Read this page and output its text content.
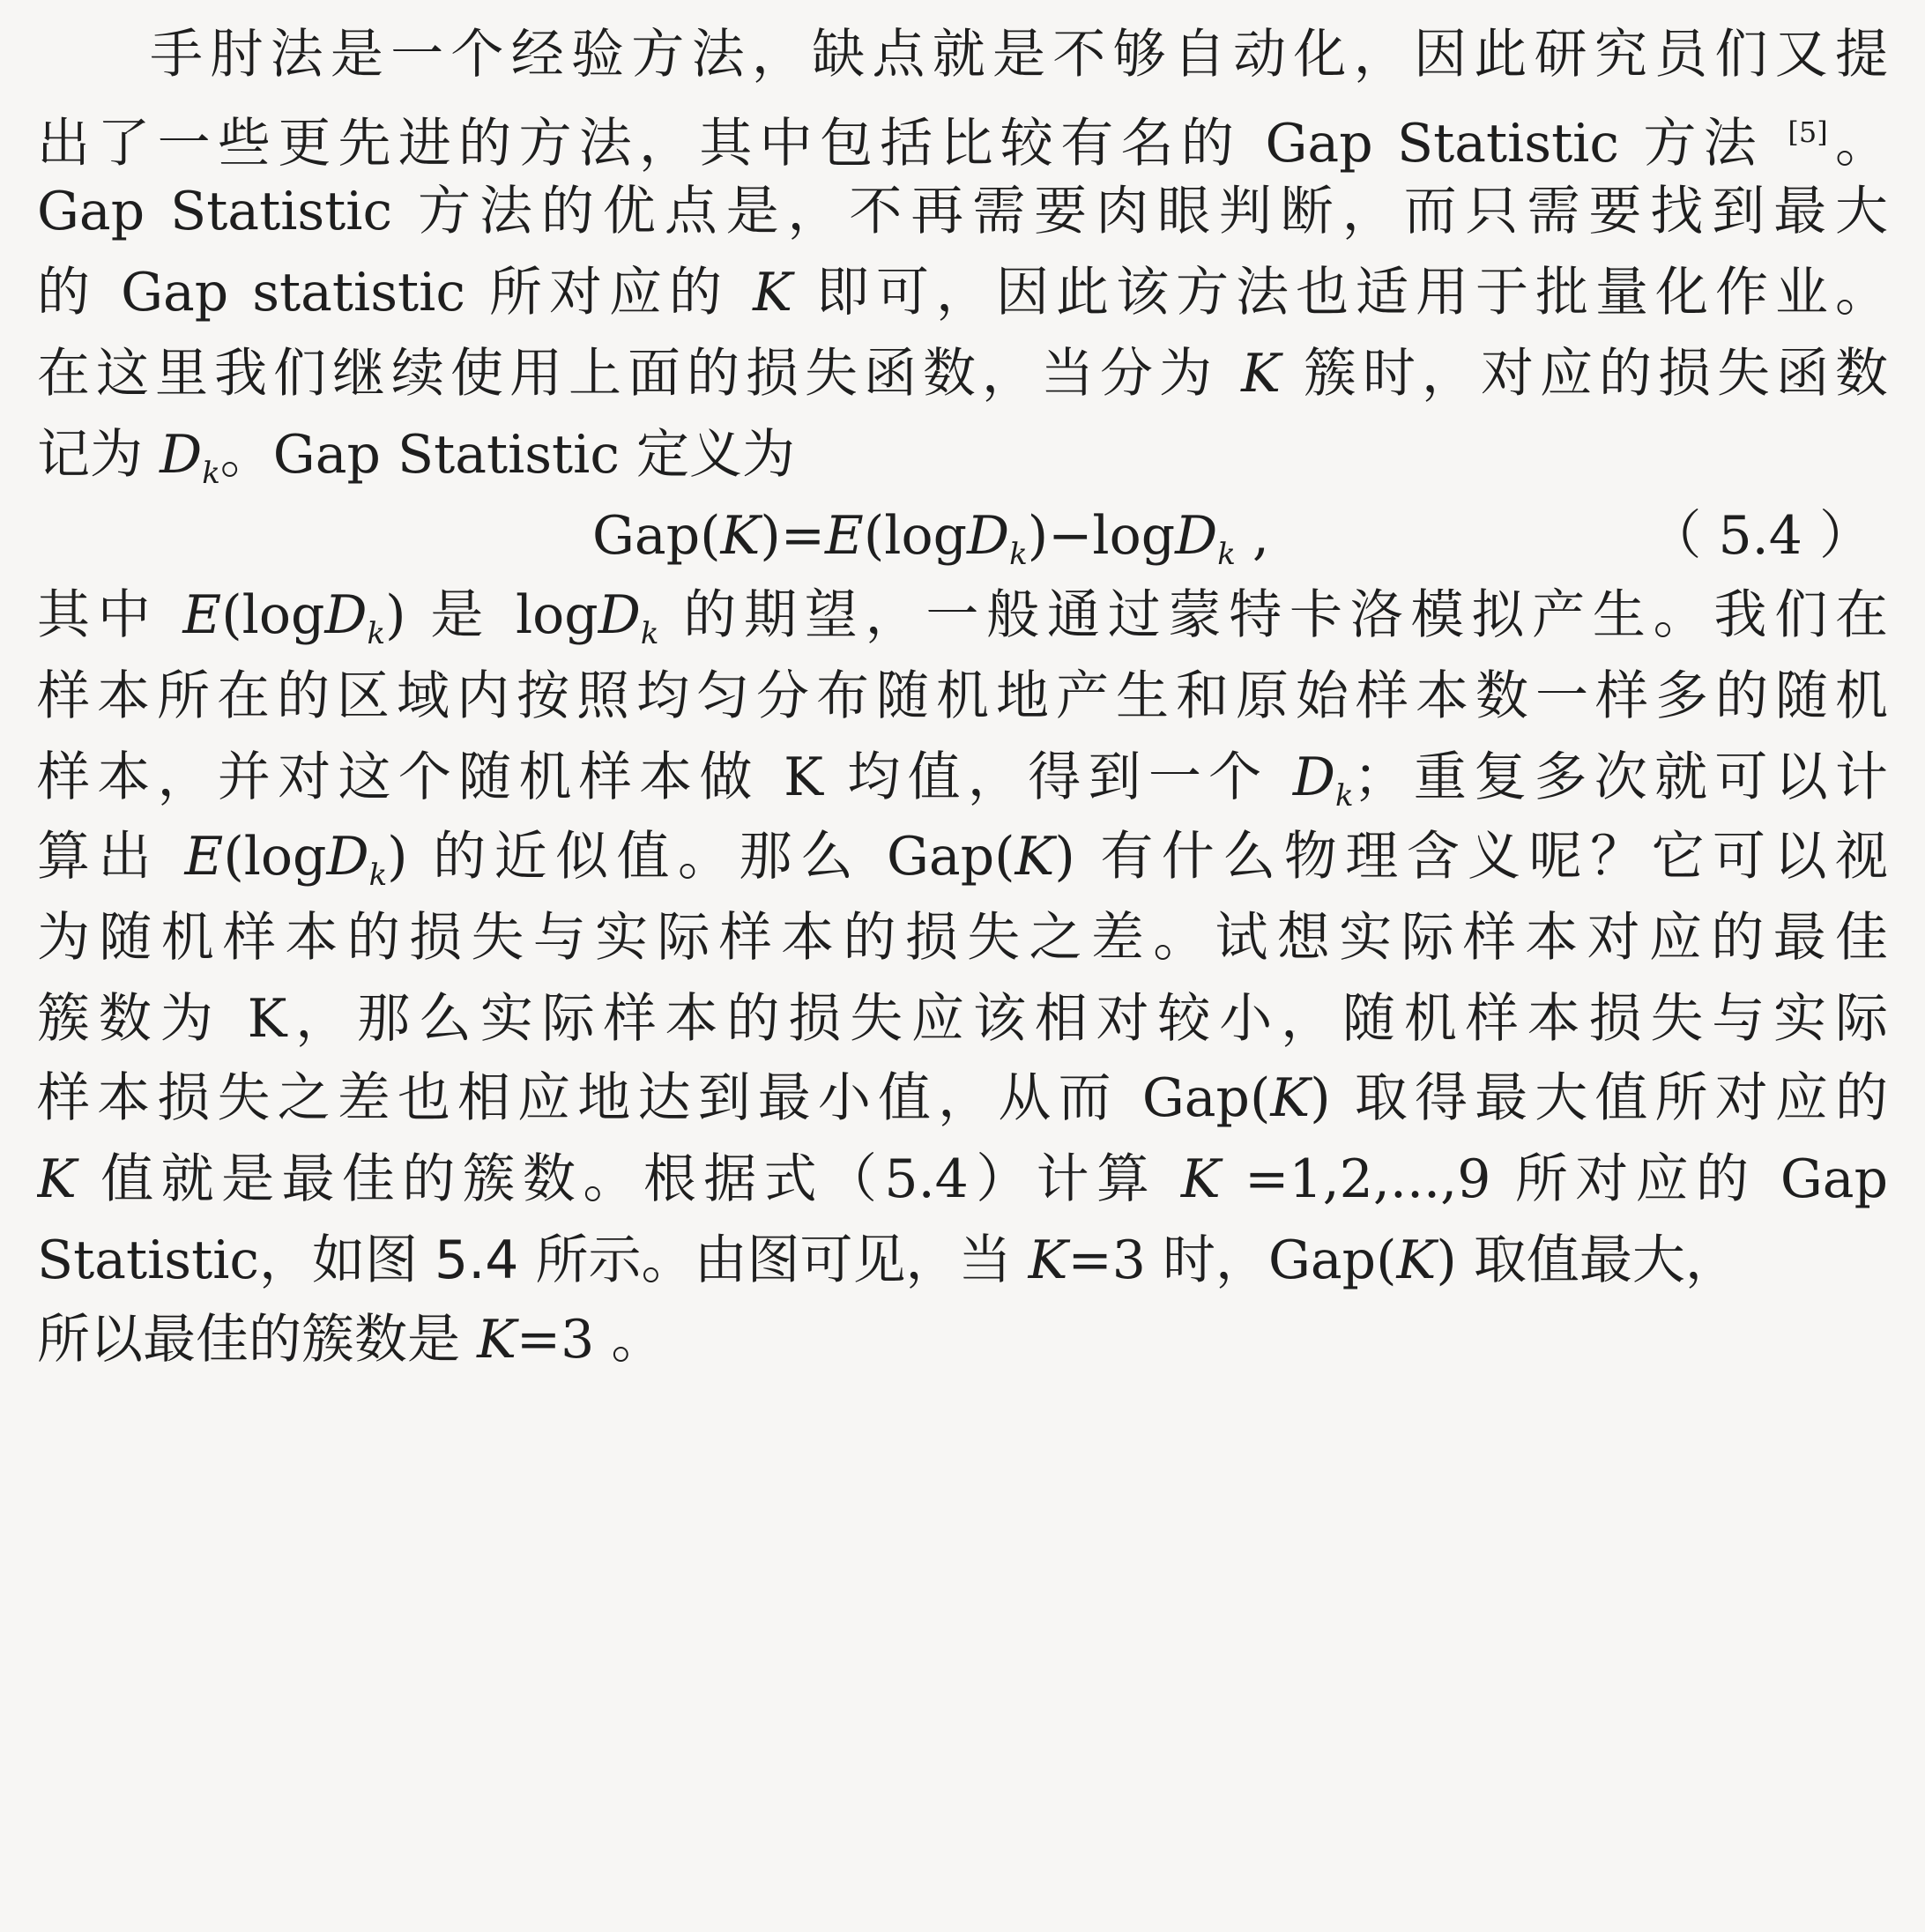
手肘法是一个经验方法，缺点就是不够自动化，因此研究员们又提
出了一些更先进的方法，其中包括比较有名的 Gap Statistic 方法 [5]。
Gap Statistic 方法的优点是，不再需要肉眼判断，而只需要找到最大
的 Gap statistic 所对应的 K 即可，因此该方法也适用于批量化作业。
在这里我们继续使用上面的损失函数，当分为 K 簇时，对应的损失函数
记为 $D_k$。Gap Statistic 定义为
Gap(K)=E(logD$_k$)−logD$_k$ ,	（ 5.4 ）
其中 E(logD$_k$) 是 logD$_k$ 的期望，一般通过蒙特卡洛模拟产生。我们在
样本所在的区域内按照均匀分布随机地产生和原始样本数一样多的随机
样本，并对这个随机样本做 K 均值，得到一个 $D_k$；重复多次就可以计
算出 E(logD$_k$) 的近似值。那么 Gap(K) 有什么物理含义呢？它可以视
为随机样本的损失与实际样本的损失之差。试想实际样本对应的最佳
簇数为 K，那么实际样本的损失应该相对较小，随机样本损失与实际
样本损失之差也相应地达到最小值，从而 Gap(K) 取得最大值所对应的
K 值就是最佳的簇数。根据式（5.4）计算 K =1,2,...,9 所对应的 Gap
Statistic，如图 5.4 所示。由图可见，当 K=3 时，Gap(K) 取值最大，
所以最佳的簇数是 K=3 。
